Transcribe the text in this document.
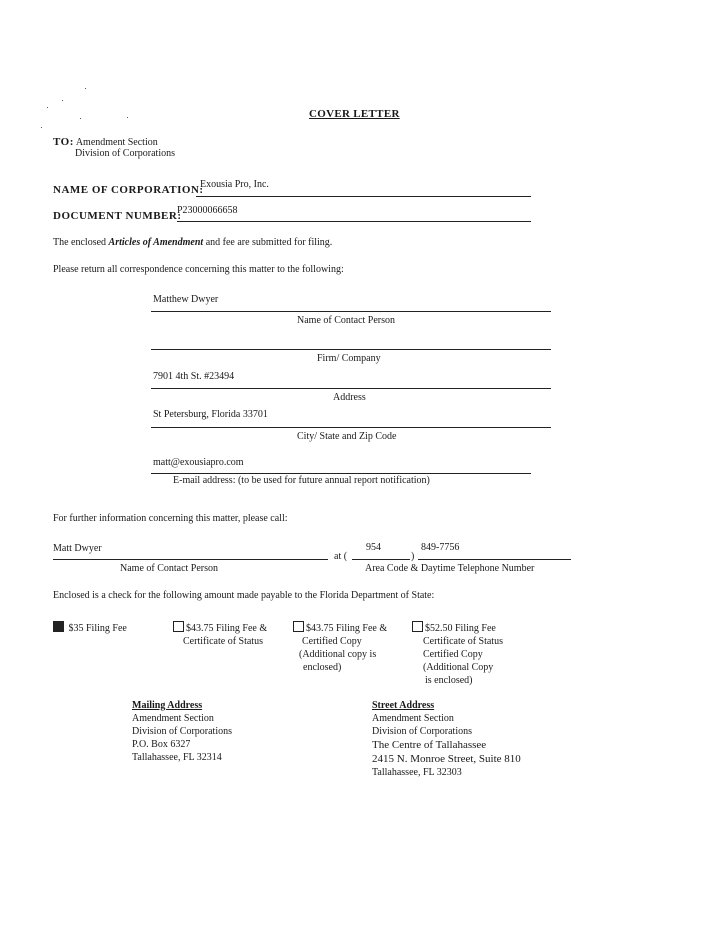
COVER LETTER
TO: Amendment Section
Division of Corporations
NAME OF CORPORATION:
Exousia Pro, Inc.
DOCUMENT NUMBER:
P23000066658
The enclosed Articles of Amendment and fee are submitted for filing.
Please return all correspondence concerning this matter to the following:
Matthew Dwyer
Name of Contact Person
Firm/ Company
7901 4th St. #23494
Address
St Petersburg, Florida 33701
City/ State and Zip Code
matt@exousiapro.com
E-mail address: (to be used for future annual report notification)
For further information concerning this matter, please call:
Matt Dwyer
Name of Contact Person
at (
954
)
849-7756
Area Code & Daytime Telephone Number
Enclosed is a check for the following amount made payable to the Florida Department of State:
$35 Filing Fee	$43.75 Filing Fee &
Certificate of Status
$43.75 Filing Fee &
Certified Copy
(Additional copy is
enclosed)
$52.50 Filing Fee
Certificate of Status
Certified Copy
(Additional Copy
is enclosed)
Mailing Address
Amendment Section
Division of Corporations
P.O. Box 6327
Tallahassee, FL 32314
Street Address
Amendment Section
Division of Corporations
The Centre of Tallahassee
2415 N. Monroe Street, Suite 810
Tallahassee, FL 32303
